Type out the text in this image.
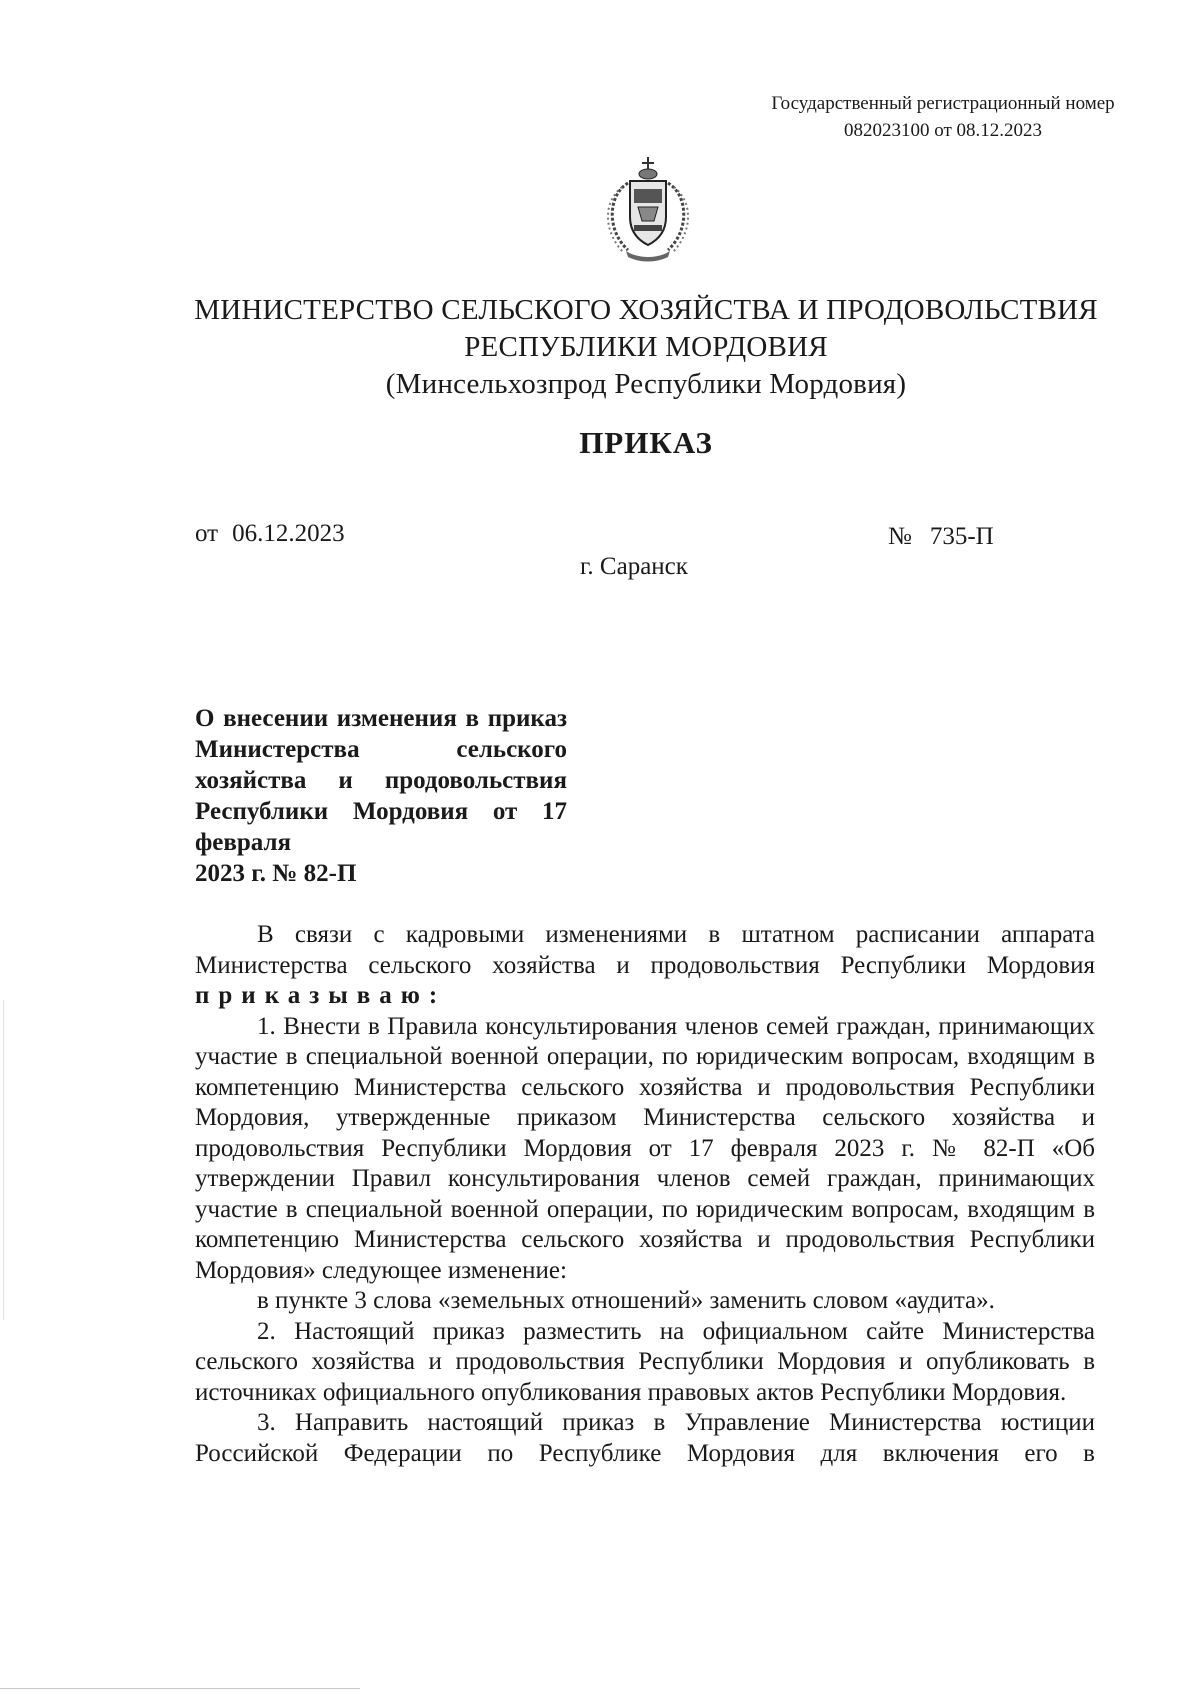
Государственный регистрационный номер
082023100 от 08.12.2023
МИНИСТЕРСТВО СЕЛЬСКОГО ХОЗЯЙСТВА И ПРОДОВОЛЬСТВИЯ
РЕСПУБЛИКИ МОРДОВИЯ
(Минсельхозпрод Республики Мордовия)
ПРИКАЗ
от 06.12.2023	№ 735-П
г. Саранск
О внесении изменения в приказ Министерства сельского хозяйства и продовольствия Республики Мордовия от 17 февраля
2023 г. № 82-П

В связи с кадровыми изменениями в штатном расписании аппарата Министерства сельского хозяйства и продовольствия Республики Мордовия

приказываю:

1. Внести в Правила консультирования членов семей граждан, принимающих участие в специальной военной операции, по юридическим вопросам, входящим в компетенцию Министерства сельского хозяйства и продовольствия Республики Мордовия, утвержденные приказом Министерства сельского хозяйства и продовольствия Республики Мордовия от 17 февраля 2023 г. № 82-П «Об утверждении Правил консультирования членов семей граждан, принимающих участие в специальной военной операции, по юридическим вопросам, входящим в компетенцию Министерства сельского хозяйства и продовольствия Республики Мордовия» следующее изменение:

в пункте 3 слова «земельных отношений» заменить словом «аудита».

2. Настоящий приказ разместить на официальном сайте Министерства сельского хозяйства и продовольствия Республики Мордовия и опубликовать в источниках официального опубликования правовых актов Республики Мордовия.

3. Направить настоящий приказ в Управление Министерства юстиции Российской Федерации по Республике Мордовия для включения его в
